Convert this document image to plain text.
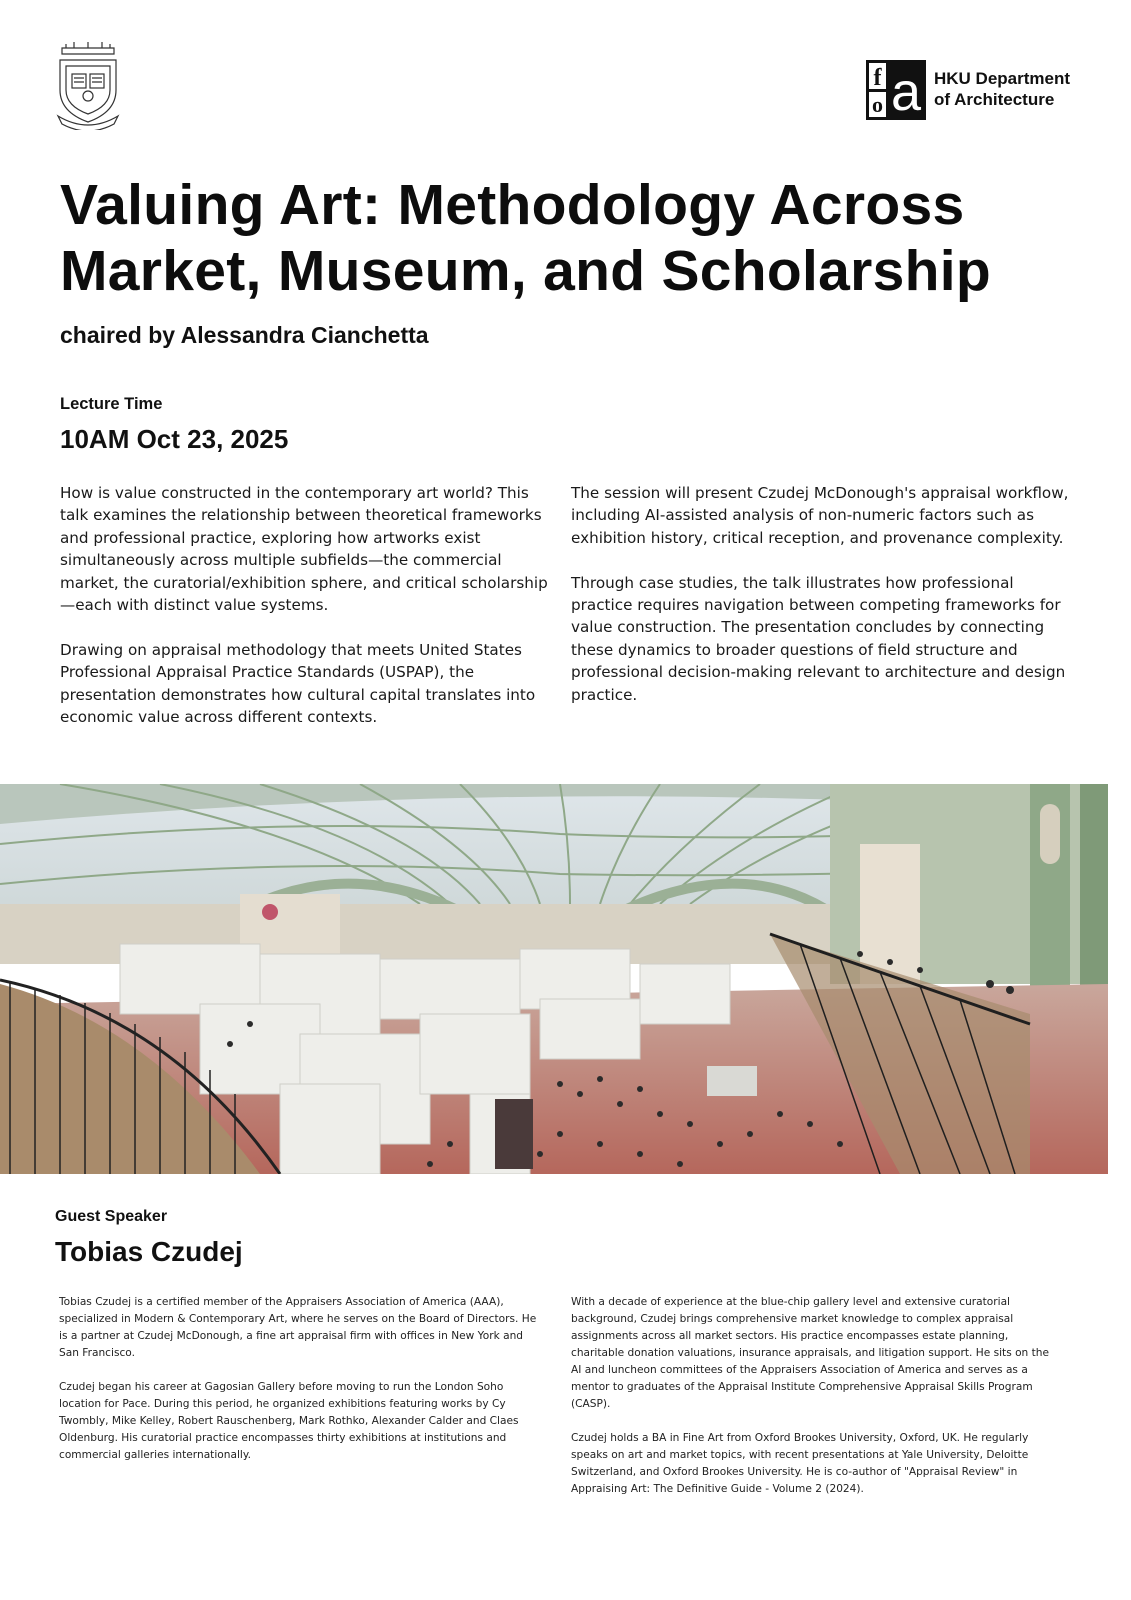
f
o a HKU Department
of Architecture
Valuing Art: Methodology Across
Market, Museum, and Scholarship
chaired by Alessandra Cianchetta
Lecture Time
10AM Oct 23, 2025

How is value constructed in the contemporary art world? This talk examines the relationship between theoretical frameworks and professional practice, exploring how artworks exist simultaneously across multiple subfields—the commercial market, the curatorial/exhibition sphere, and critical scholarship—each with distinct value systems.

Drawing on appraisal methodology that meets United States Professional Appraisal Practice Standards (USPAP), the presentation demonstrates how cultural capital translates into economic value across different contexts.

The session will present Czudej McDonough's appraisal workflow, including AI-assisted analysis of non-numeric factors such as exhibition history, critical reception, and provenance complexity.

Through case studies, the talk illustrates how professional practice requires navigation between competing frameworks for value construction. The presentation concludes by connecting these dynamics to broader questions of field structure and professional decision-making relevant to architecture and design practice.

Guest Speaker
Tobias Czudej

Tobias Czudej is a certified member of the Appraisers Association of America (AAA), specialized in Modern & Contemporary Art, where he serves on the Board of Directors. He is a partner at Czudej McDonough, a fine art appraisal firm with offices in New York and San Francisco.

Czudej began his career at Gagosian Gallery before moving to run the London Soho location for Pace. During this period, he organized exhibitions featuring works by Cy Twombly, Mike Kelley, Robert Rauschenberg, Mark Rothko, Alexander Calder and Claes Oldenburg. His curatorial practice encompasses thirty exhibitions at institutions and commercial galleries internationally.

With a decade of experience at the blue-chip gallery level and extensive curatorial background, Czudej brings comprehensive market knowledge to complex appraisal assignments across all market sectors. His practice encompasses estate planning, charitable donation valuations, insurance appraisals, and litigation support. He sits on the AI and luncheon committees of the Appraisers Association of America and serves as a mentor to graduates of the Appraisal Institute Comprehensive Appraisal Skills Program (CASP).

Czudej holds a BA in Fine Art from Oxford Brookes University, Oxford, UK. He regularly speaks on art and market topics, with recent presentations at Yale University, Deloitte Switzerland, and Oxford Brookes University. He is co-author of "Appraisal Review" in Appraising Art: The Definitive Guide - Volume 2 (2024).
